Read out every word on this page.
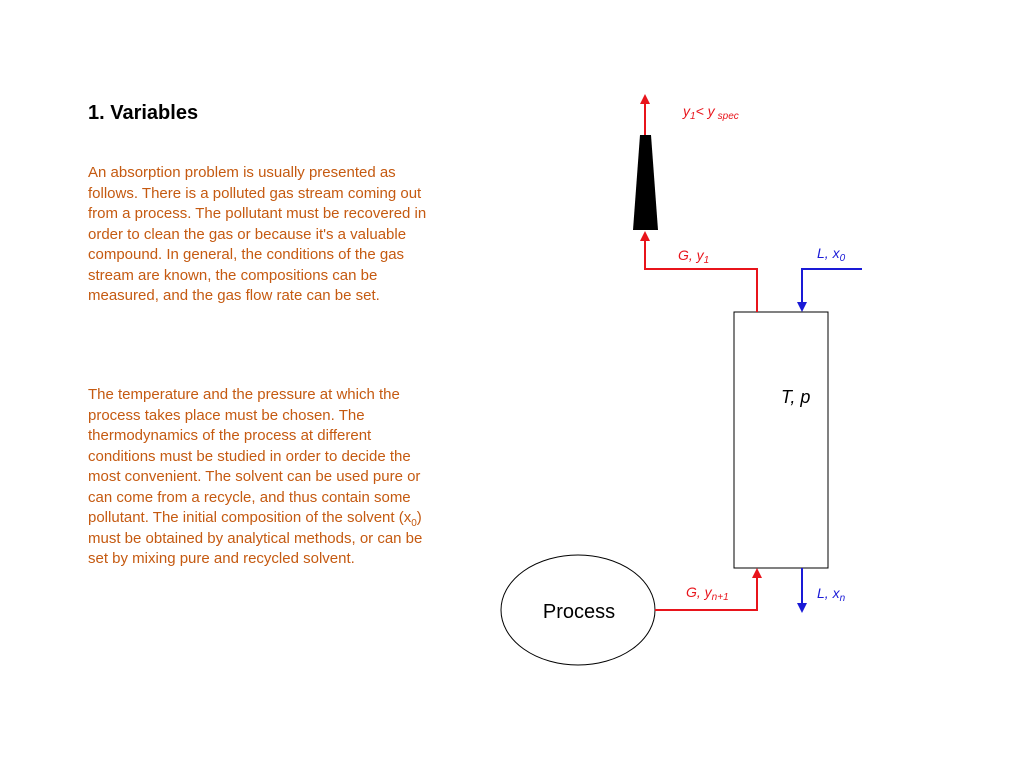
1. Variables

An absorption problem is usually presented as follows. There is a polluted gas stream coming out from a process. The pollutant must be recovered in order to clean the gas or because it's a valuable compound. In general, the conditions of the gas stream are known, the compositions can be measured, and the gas flow rate can be set.

The temperature and the pressure at which the process takes place must be chosen. The thermodynamics of the process at different conditions must be studied in order to decide the most convenient. The solvent can be used pure or can come from a recycle, and thus contain some pollutant. The initial composition of the solvent $(x_0)$ must be obtained by analytical methods, or can be set by mixing pure and recycled solvent.

Process
T, p
$y_1< y$ $_{spec}$
G, $y_1$	L, $x_0$
G, $y_{n+1}$	L, $x_n$
